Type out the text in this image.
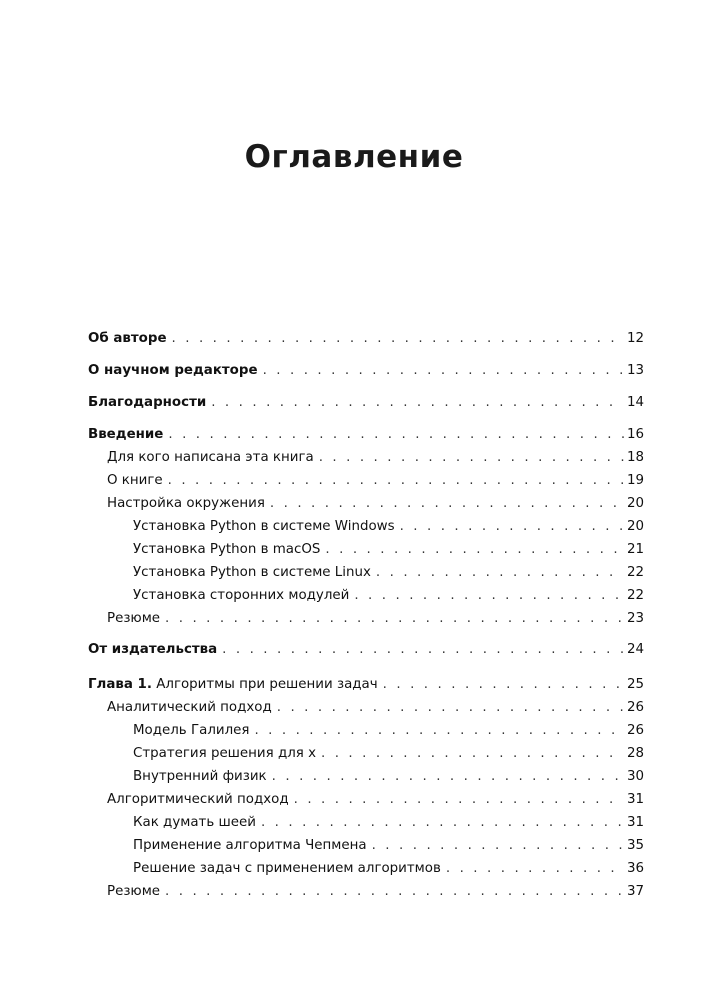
Оглавление
Об авторе . . .	12
О научном редакторе . . .	13
Благодарности . . .	14
Введение . . .	16
Для кого написана эта книга . . .	18
О книге . . .	19
Настройка окружения . . .	20
Установка Python в системе Windows . . .	20
Установка Python в macOS . . .	21
Установка Python в системе Linux . . .	22
Установка сторонних модулей . . .	22
Резюме . . .	23
От издательства . . .	24
Глава 1. Алгоритмы при решении задач . . .	25
Аналитический подход . . .	26
Модель Галилея . . .	26
Стратегия решения для x . . .	28
Внутренний физик . . .	30
Алгоритмический подход . . .	31
Как думать шеей . . .	31
Применение алгоритма Чепмена . . .	35
Решение задач с применением алгоритмов . . .	36
Резюме . . .	37
